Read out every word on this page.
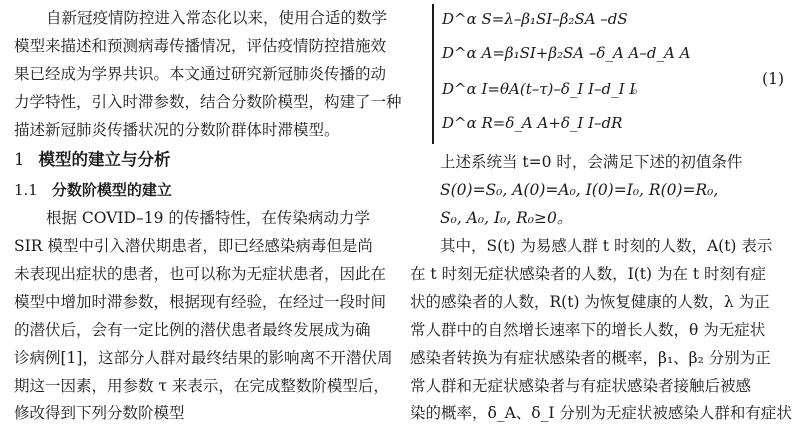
自新冠疫情防控进入常态化以来，使用合适的数学
模型来描述和预测病毒传播情况，评估疫情防控措施效
果已经成为学界共识。本文通过研究新冠肺炎传播的动
力学特性，引入时滞参数，结合分数阶模型，构建了一种
描述新冠肺炎传播状况的分数阶群体时滞模型。
1 模型的建立与分析
1.1 分数阶模型的建立
根据 COVID–19 的传播特性，在传染病动力学
SIR 模型中引入潜伏期患者，即已经感染病毒但是尚
未表现出症状的患者，也可以称为无症状患者，因此在
模型中增加时滞参数，根据现有经验，在经过一段时间
的潜伏后，会有一定比例的潜伏患者最终发展成为确
诊病例[1]，这部分人群对最终结果的影响离不开潜伏周
期这一因素，用参数 τ 来表示，在完成整数阶模型后，
修改得到下列分数阶模型
D^α S=λ–β₁SI–β₂SA –dS
D^α A=β₁SI+β₂SA –δ_A A–d_A A
D^α I=θA(t–τ)–δ_I I–d_I I
D^α R=δ_A A+δ_I I–dR
。	(1)
上述系统当 t=0 时，会满足下述的初值条件
S(0)=S₀, A(0)=A₀, I(0)=I₀, R(0)=R₀,
S₀, A₀, I₀, R₀≥0。
其中，S(t) 为易感人群 t 时刻的人数，A(t) 表示
在 t 时刻无症状感染者的人数，I(t) 为在 t 时刻有症
状的感染者的人数，R(t) 为恢复健康的人数，λ 为正
常人群中的自然增长速率下的增长人数，θ 为无症状
感染者转换为有症状感染者的概率，β₁、β₂ 分别为正
常人群和无症状感染者与有症状感染者接触后被感
染的概率，δ_A、δ_I 分别为无症状被感染人群和有症状
